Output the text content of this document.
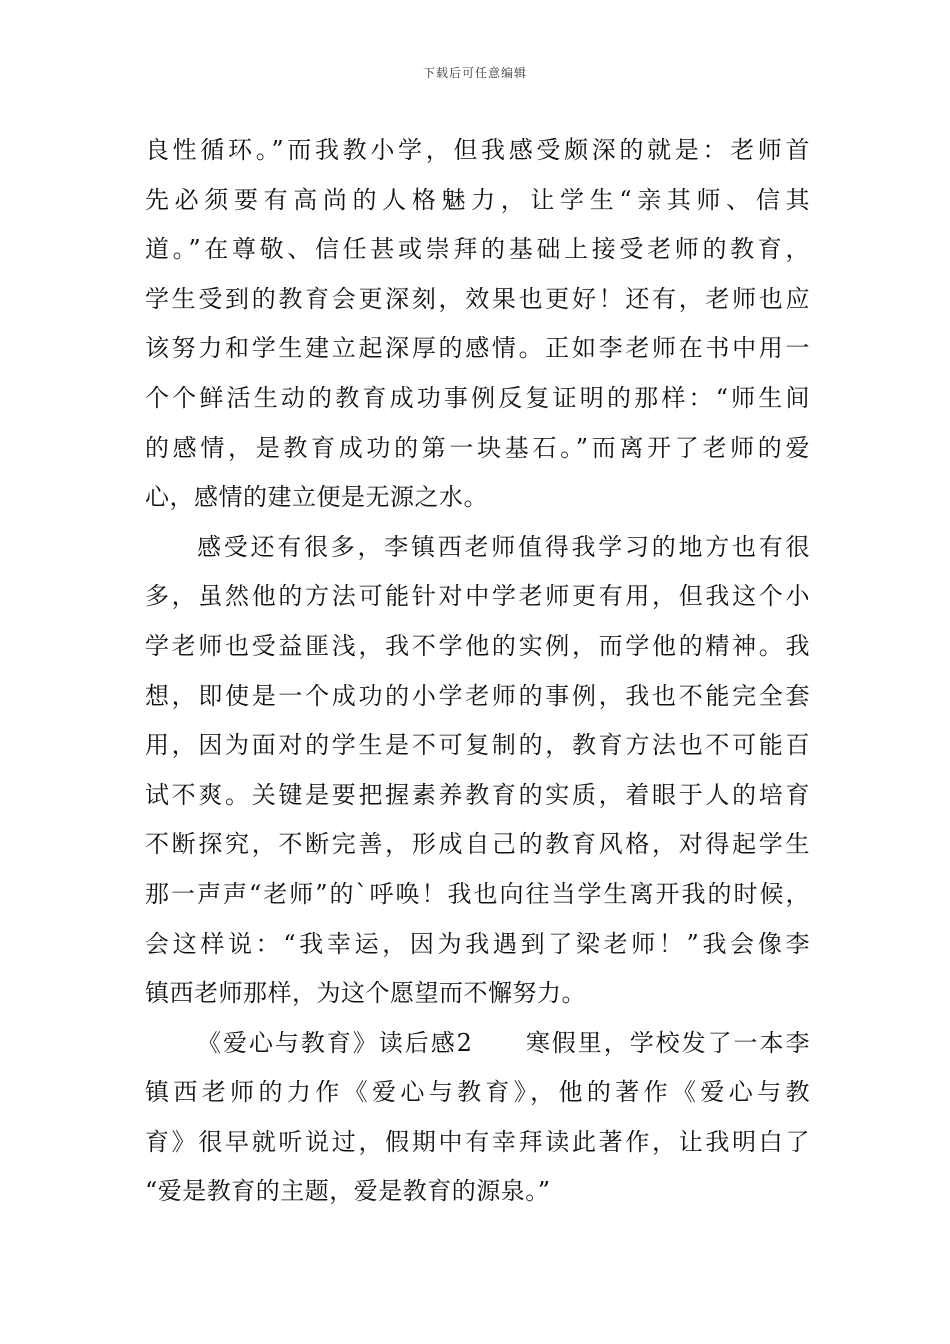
下载后可任意编辑
良性循环。”而我教小学，但我感受颇深的就是：老师首
先必须要有高尚的人格魅力，让学生“亲其师、信其
道。”在尊敬、信任甚或崇拜的基础上接受老师的教育，
学生受到的教育会更深刻，效果也更好！还有，老师也应
该努力和学生建立起深厚的感情。正如李老师在书中用一
个个鲜活生动的教育成功事例反复证明的那样：“师生间
的感情，是教育成功的第一块基石。”而离开了老师的爱
心，感情的建立便是无源之水。
感受还有很多，李镇西老师值得我学习的地方也有很
多，虽然他的方法可能针对中学老师更有用，但我这个小
学老师也受益匪浅，我不学他的实例，而学他的精神。我
想，即使是一个成功的小学老师的事例，我也不能完全套
用，因为面对的学生是不可复制的，教育方法也不可能百
试不爽。关键是要把握素养教育的实质，着眼于人的培育
不断探究，不断完善，形成自己的教育风格，对得起学生
那一声声“老师”的`呼唤！我也向往当学生离开我的时候，
会这样说：“我幸运，因为我遇到了梁老师！”我会像李
镇西老师那样，为这个愿望而不懈努力。
《爱心与教育》读后感2　　寒假里，学校发了一本李
镇西老师的力作《爱心与教育》，他的著作《爱心与教
育》很早就听说过，假期中有幸拜读此著作，让我明白了
“爱是教育的主题，爱是教育的源泉。”
